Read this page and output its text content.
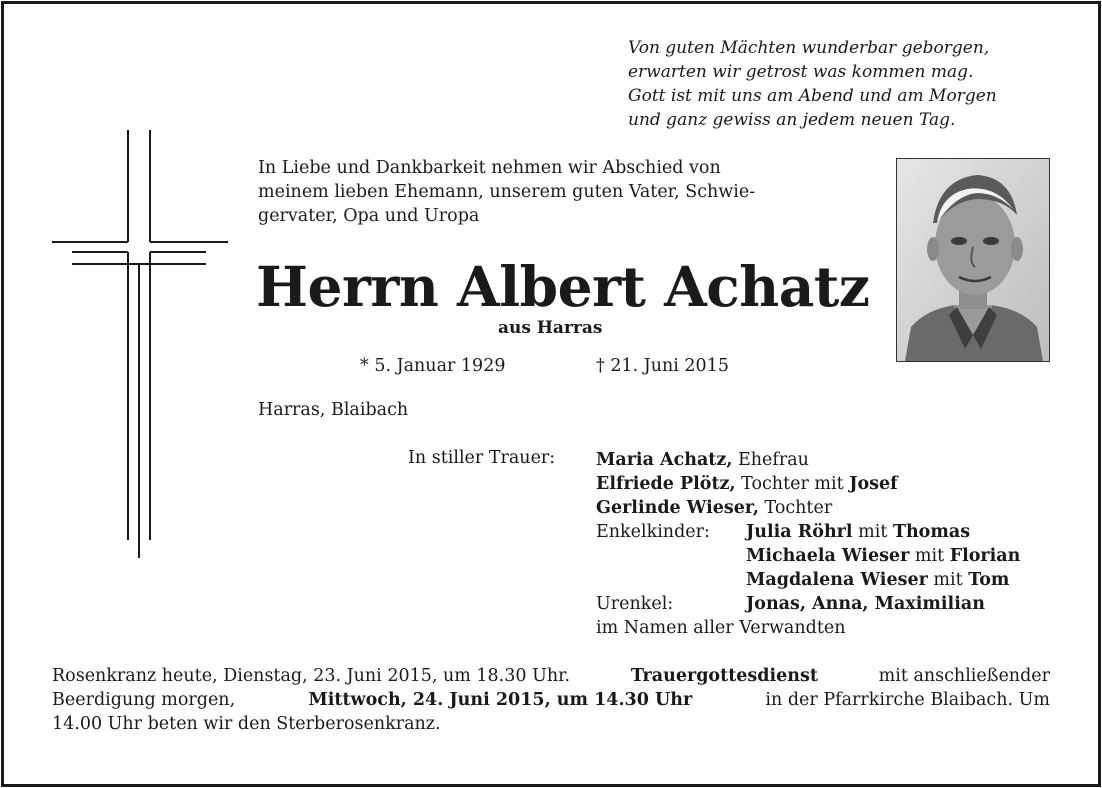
Von guten Mächten wunderbar geborgen,
erwarten wir getrost was kommen mag.
Gott ist mit uns am Abend und am Morgen
und ganz gewiss an jedem neuen Tag.
In Liebe und Dankbarkeit nehmen wir Abschied von
meinem lieben Ehemann, unserem guten Vater, Schwie-
gervater, Opa und Uropa
Herrn Albert Achatz
aus Harras
* 5. Januar 1929	† 21. Juni 2015
Harras, Blaibach
In stiller Trauer: Maria Achatz, Ehefrau
Elfriede Plötz, Tochter mit Josef
Gerlinde Wieser, Tochter
Enkelkinder: Julia Röhrl mit Thomas
Michaela Wieser mit Florian
Magdalena Wieser mit Tom
Urenkel:	Jonas, Anna, Maximilian
im Namen aller Verwandten
Rosenkranz heute, Dienstag, 23. Juni 2015, um 18.30 Uhr.	Trauergottesdienst	mit anschließender
Beerdigung morgen,	Mittwoch, 24. Juni 2015, um 14.30 Uhr	in der Pfarrkirche Blaibach. Um
14.00 Uhr beten wir den Sterberosenkranz.
